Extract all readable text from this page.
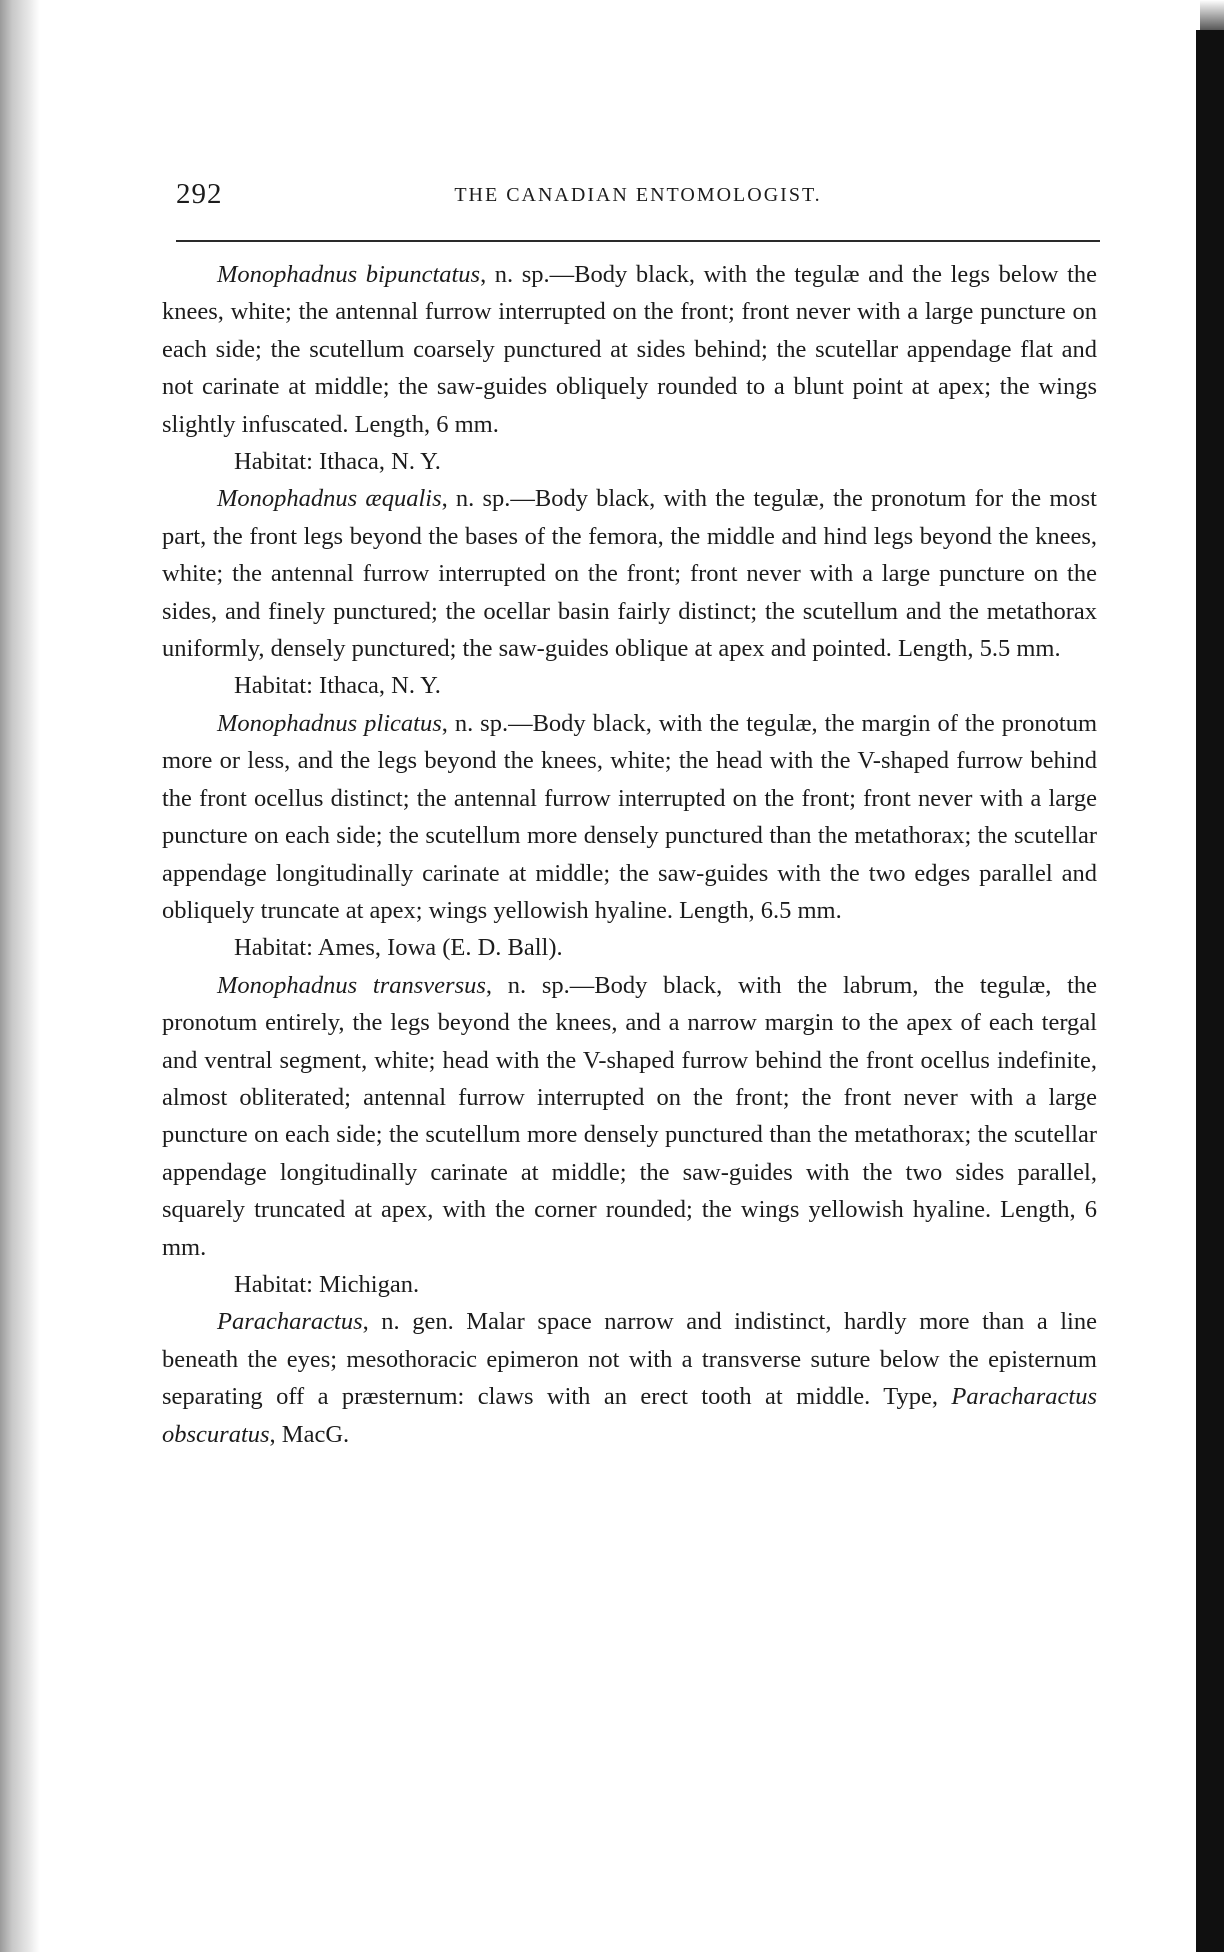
292	THE CANADIAN ENTOMOLOGIST.

Monophadnus bipunctatus, n. sp.—Body black, with the tegulæ and the legs below the knees, white; the antennal furrow interrupted on the front; front never with a large puncture on each side; the scutellum coarsely punctured at sides behind; the scutellar appendage flat and not carinate at middle; the saw-guides obliquely rounded to a blunt point at apex; the wings slightly infuscated. Length, 6 mm.

Habitat: Ithaca, N. Y.

Monophadnus æqualis, n. sp.—Body black, with the tegulæ, the pronotum for the most part, the front legs beyond the bases of the femora, the middle and hind legs beyond the knees, white; the antennal furrow interrupted on the front; front never with a large puncture on the sides, and finely punctured; the ocellar basin fairly distinct; the scutellum and the metathorax uniformly, densely punctured; the saw-guides oblique at apex and pointed. Length, 5.5 mm.

Habitat: Ithaca, N. Y.

Monophadnus plicatus, n. sp.—Body black, with the tegulæ, the margin of the pronotum more or less, and the legs beyond the knees, white; the head with the V-shaped furrow behind the front ocellus distinct; the antennal furrow interrupted on the front; front never with a large puncture on each side; the scutellum more densely punctured than the metathorax; the scutellar appendage longitudinally carinate at middle; the saw-guides with the two edges parallel and obliquely truncate at apex; wings yellowish hyaline. Length, 6.5 mm.

Habitat: Ames, Iowa (E. D. Ball).

Monophadnus transversus, n. sp.—Body black, with the labrum, the tegulæ, the pronotum entirely, the legs beyond the knees, and a narrow margin to the apex of each tergal and ventral segment, white; head with the V-shaped furrow behind the front ocellus indefinite, almost obliterated; antennal furrow interrupted on the front; the front never with a large puncture on each side; the scutellum more densely punctured than the metathorax; the scutellar appendage longitudinally carinate at middle; the saw-guides with the two sides parallel, squarely truncated at apex, with the corner rounded; the wings yellowish hyaline. Length, 6 mm.

Habitat: Michigan.

Paracharactus, n. gen. Malar space narrow and indistinct, hardly more than a line beneath the eyes; mesothoracic epimeron not with a transverse suture below the episternum separating off a præsternum: claws with an erect tooth at middle. Type, Paracharactus obscuratus, MacG.
